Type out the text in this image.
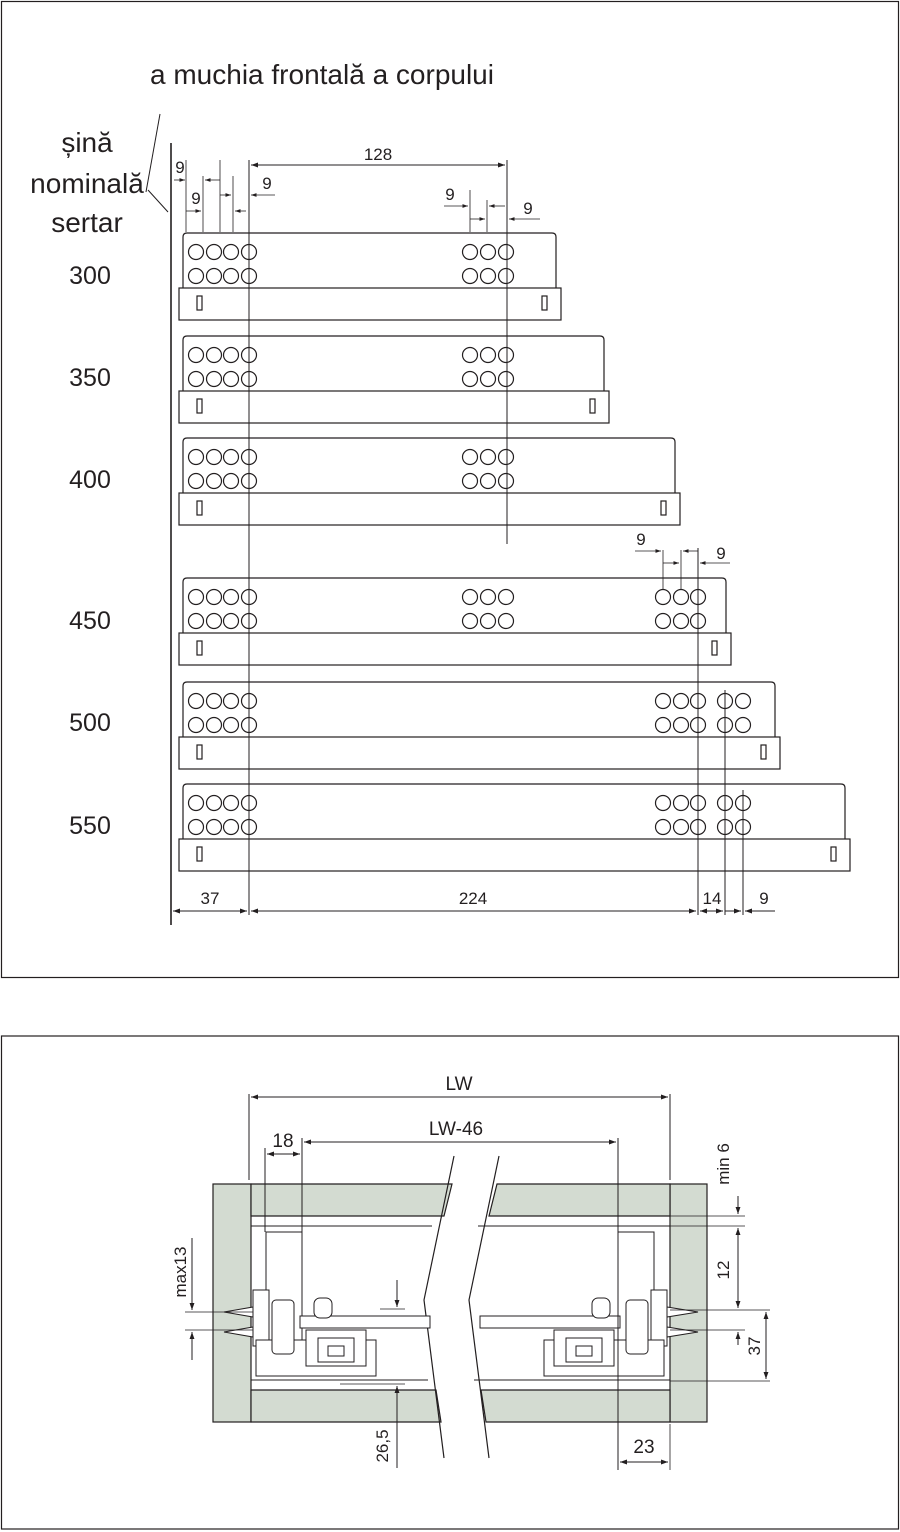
a muchia frontală a corpului
șină
nominală
sertar
300
350
400
450
500
550
128
9
9
9
9
9
9
9
37	224	14 9
LW
LW-46
18
min 6
12
37
max13
26,5	23
